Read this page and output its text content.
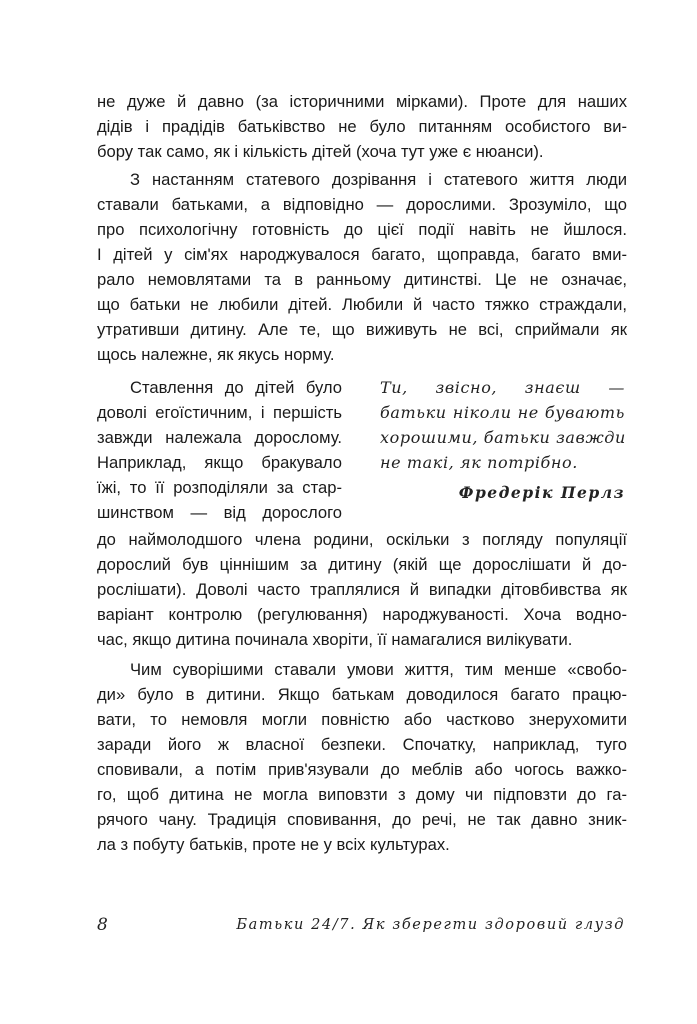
не дуже й давно (за історичними мірками). Проте для наших
дідів і прадідів батьківство не було питанням особистого ви-
бору так само, як і кількість дітей (хоча тут уже є нюанси).
З настанням статевого дозрівання і статевого життя люди
ставали батьками, а відповідно — дорослими. Зрозуміло, що
про психологічну готовність до цієї події навіть не йшлося.
І дітей у сім'ях народжувалося багато, щоправда, багато вми-
рало немовлятами та в ранньому дитинстві. Це не означає,
що батьки не любили дітей. Любили й часто тяжко страждали,
утративши дитину. Але те, що виживуть не всі, сприймали як
щось належне, як якусь норму.
Ставлення до дітей було
доволі егоїстичним, і першість
завжди належала дорослому.
Наприклад, якщо бракувало
їжі, то її розподіляли за стар-
шинством — від дорослого
до наймолодшого члена родини, оскільки з погляду популяції
дорослий був ціннішим за дитину (якій ще дорослішати й до-
рослішати). Доволі часто траплялися й випадки дітовбивства як
варіант контролю (регулювання) народжуваності. Хоча водно-
час, якщо дитина починала хворіти, її намагалися вилікувати.
Чим суворішими ставали умови життя, тим менше «свобо-
ди» було в дитини. Якщо батькам доводилося багато працю-
вати, то немовля могли повністю або частково знерухомити
заради його ж власної безпеки. Спочатку, наприклад, туго
сповивали, а потім прив'язували до меблів або чогось важко-
го, щоб дитина не могла виповзти з дому чи підповзти до га-
рячого чану. Традиція сповивання, до речі, не так давно зник-
ла з побуту батьків, проте не у всіх культурах.
Ти, звісно, знаєш —
батьки ніколи не бувають
хорошими, батьки завжди
не такі, як потрібно.
Фредерік Перлз
8	Батьки 24/7. Як зберегти здоровий глузд
